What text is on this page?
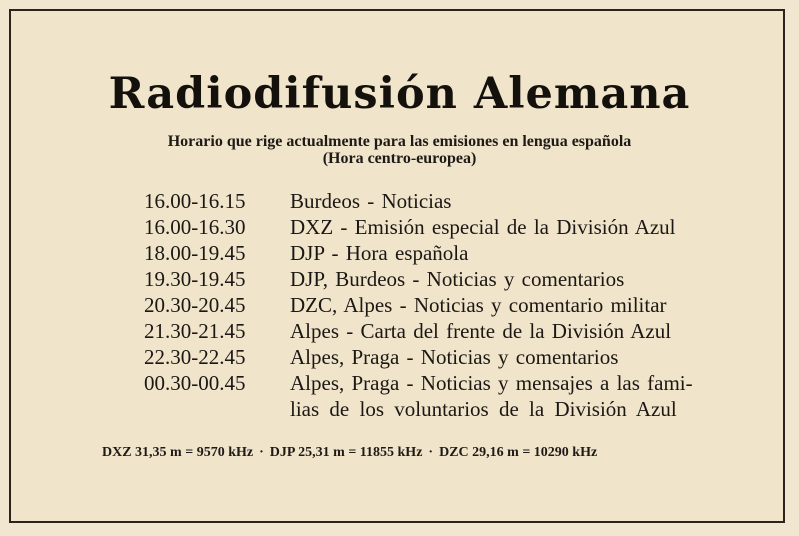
Radiodifusión Alemana
Horario que rige actualmente para las emisiones en lengua española
(Hora centro-europea)
16.00-16.15 Burdeos - Noticias
16.00-16.30 DXZ - Emisión especial de la División Azul
18.00-19.45 DJP - Hora española
19.30-19.45 DJP, Burdeos - Noticias y comentarios
20.30-20.45 DZC, Alpes - Noticias y comentario militar
21.30-21.45 Alpes - Carta del frente de la División Azul
22.30-22.45 Alpes, Praga - Noticias y comentarios
00.30-00.45 Alpes, Praga - Noticias y mensajes a las fami-
lias de los voluntarios de la División Azul
DXZ 31,35 m = 9570 kHz · DJP 25,31 m = 11855 kHz · DZC 29,16 m = 10290 kHz
